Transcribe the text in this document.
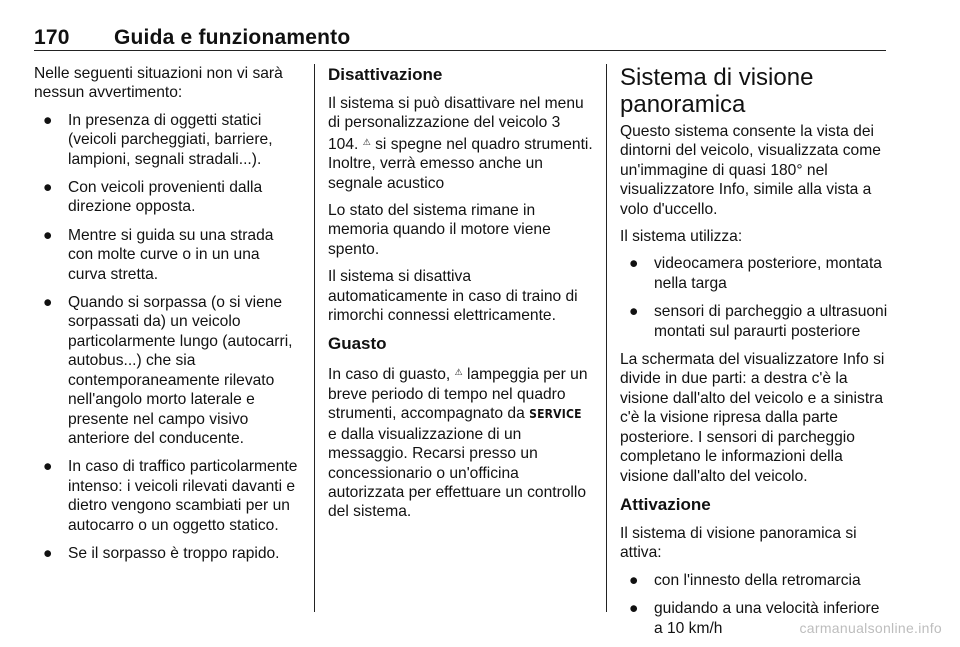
170 Guida e funzionamento

Nelle seguenti situazioni non vi sarà nessun avvertimento:

● In presenza di oggetti statici (veicoli parcheggiati, barriere, lampioni, segnali stradali...).
● Con veicoli provenienti dalla direzione opposta.
● Mentre si guida su una strada con molte curve o in un una curva stretta.
● Quando si sorpassa (o si viene sorpassati da) un veicolo particolarmente lungo (autocarri, autobus...) che sia contemporaneamente rilevato nell'angolo morto laterale e presente nel campo visivo anteriore del conducente.
● In caso di traffico particolarmente intenso: i veicoli rilevati davanti e dietro vengono scambiati per un autocarro o un oggetto statico.
● Se il sorpasso è troppo rapido.
Disattivazione

Il sistema si può disattivare nel menu di personalizzazione del veicolo 3 104. ⚠ si spegne nel quadro strumenti. Inoltre, verrà emesso anche un segnale acustico

Lo stato del sistema rimane in memoria quando il motore viene spento.

Il sistema si disattiva automaticamente in caso di traino di rimorchi connessi elettricamente.

Guasto

In caso di guasto, ⚠ lampeggia per un breve periodo di tempo nel quadro strumenti, accompagnato da SERVICE e dalla visualizzazione di un messaggio. Recarsi presso un concessionario o un'officina autorizzata per effettuare un controllo del sistema.

Sistema di visione panoramica

Questo sistema consente la vista dei dintorni del veicolo, visualizzata come un'immagine di quasi 180° nel visualizzatore Info, simile alla vista a volo d'uccello.

Il sistema utilizza:

● videocamera posteriore, montata nella targa
● sensori di parcheggio a ultrasuoni montati sul paraurti posteriore

La schermata del visualizzatore Info si divide in due parti: a destra c'è la visione dall'alto del veicolo e a sinistra c'è la visione ripresa dalla parte posteriore. I sensori di parcheggio completano le informazioni della visione dall'alto del veicolo.

Attivazione

Il sistema di visione panoramica si attiva:

● con l'innesto della retromarcia
● guidando a una velocità inferiore a 10 km/h	carmanualsonline.info
